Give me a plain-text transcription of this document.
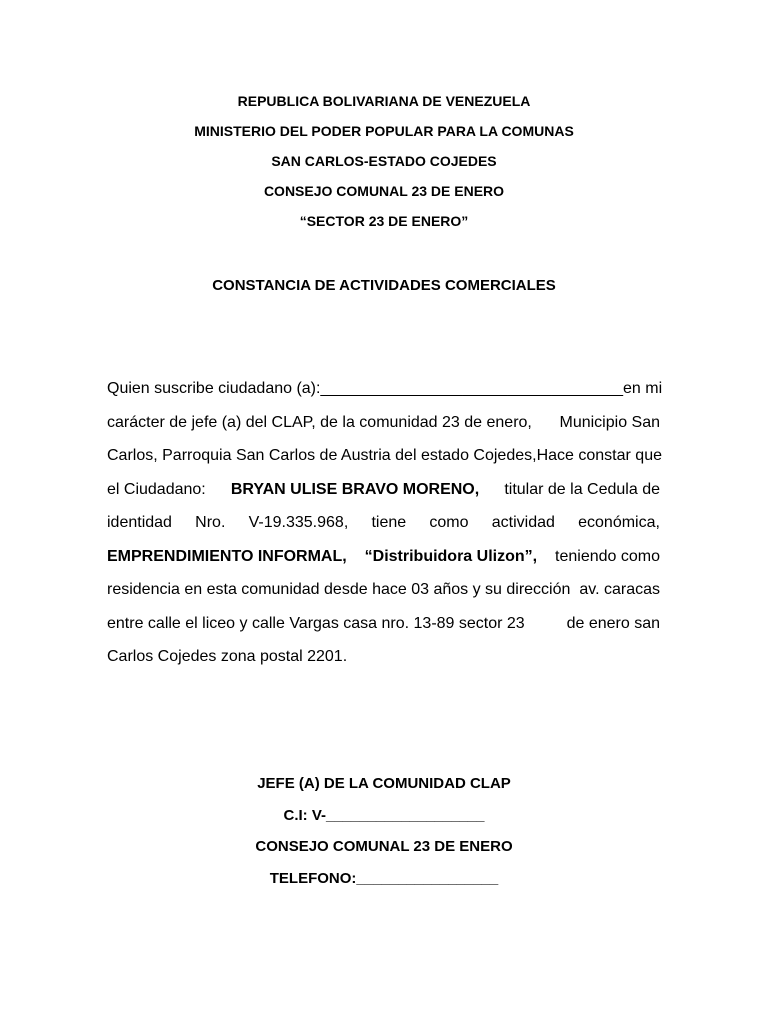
REPUBLICA BOLIVARIANA DE VENEZUELA
MINISTERIO DEL PODER POPULAR PARA LA COMUNAS
SAN CARLOS-ESTADO COJEDES
CONSEJO COMUNAL 23 DE ENERO
“SECTOR 23 DE ENERO”
CONSTANCIA DE ACTIVIDADES COMERCIALES
Quien suscribe ciudadano (a):__________________________________ en mi
carácter de jefe (a) del CLAP, de la comunidad 23 de enero, Municipio San
Carlos, Parroquia San Carlos de Austria del estado Cojedes, Hace constar que
el Ciudadano: BRYAN ULISE BRAVO MORENO, titular de la Cedula de
identidad Nro. V-19.335.968, tiene como actividad económica,
EMPRENDIMIENTO INFORMAL, “Distribuidora Ulizon”, teniendo como
residencia en esta comunidad desde hace 03 años y su dirección av. caracas
entre calle el liceo y calle Vargas casa nro. 13-89 sector 23	de enero san
Carlos Cojedes zona postal 2201.
JEFE (A) DE LA COMUNIDAD CLAP
C.I: V-___________________
CONSEJO COMUNAL 23 DE ENERO
TELEFONO:_________________
